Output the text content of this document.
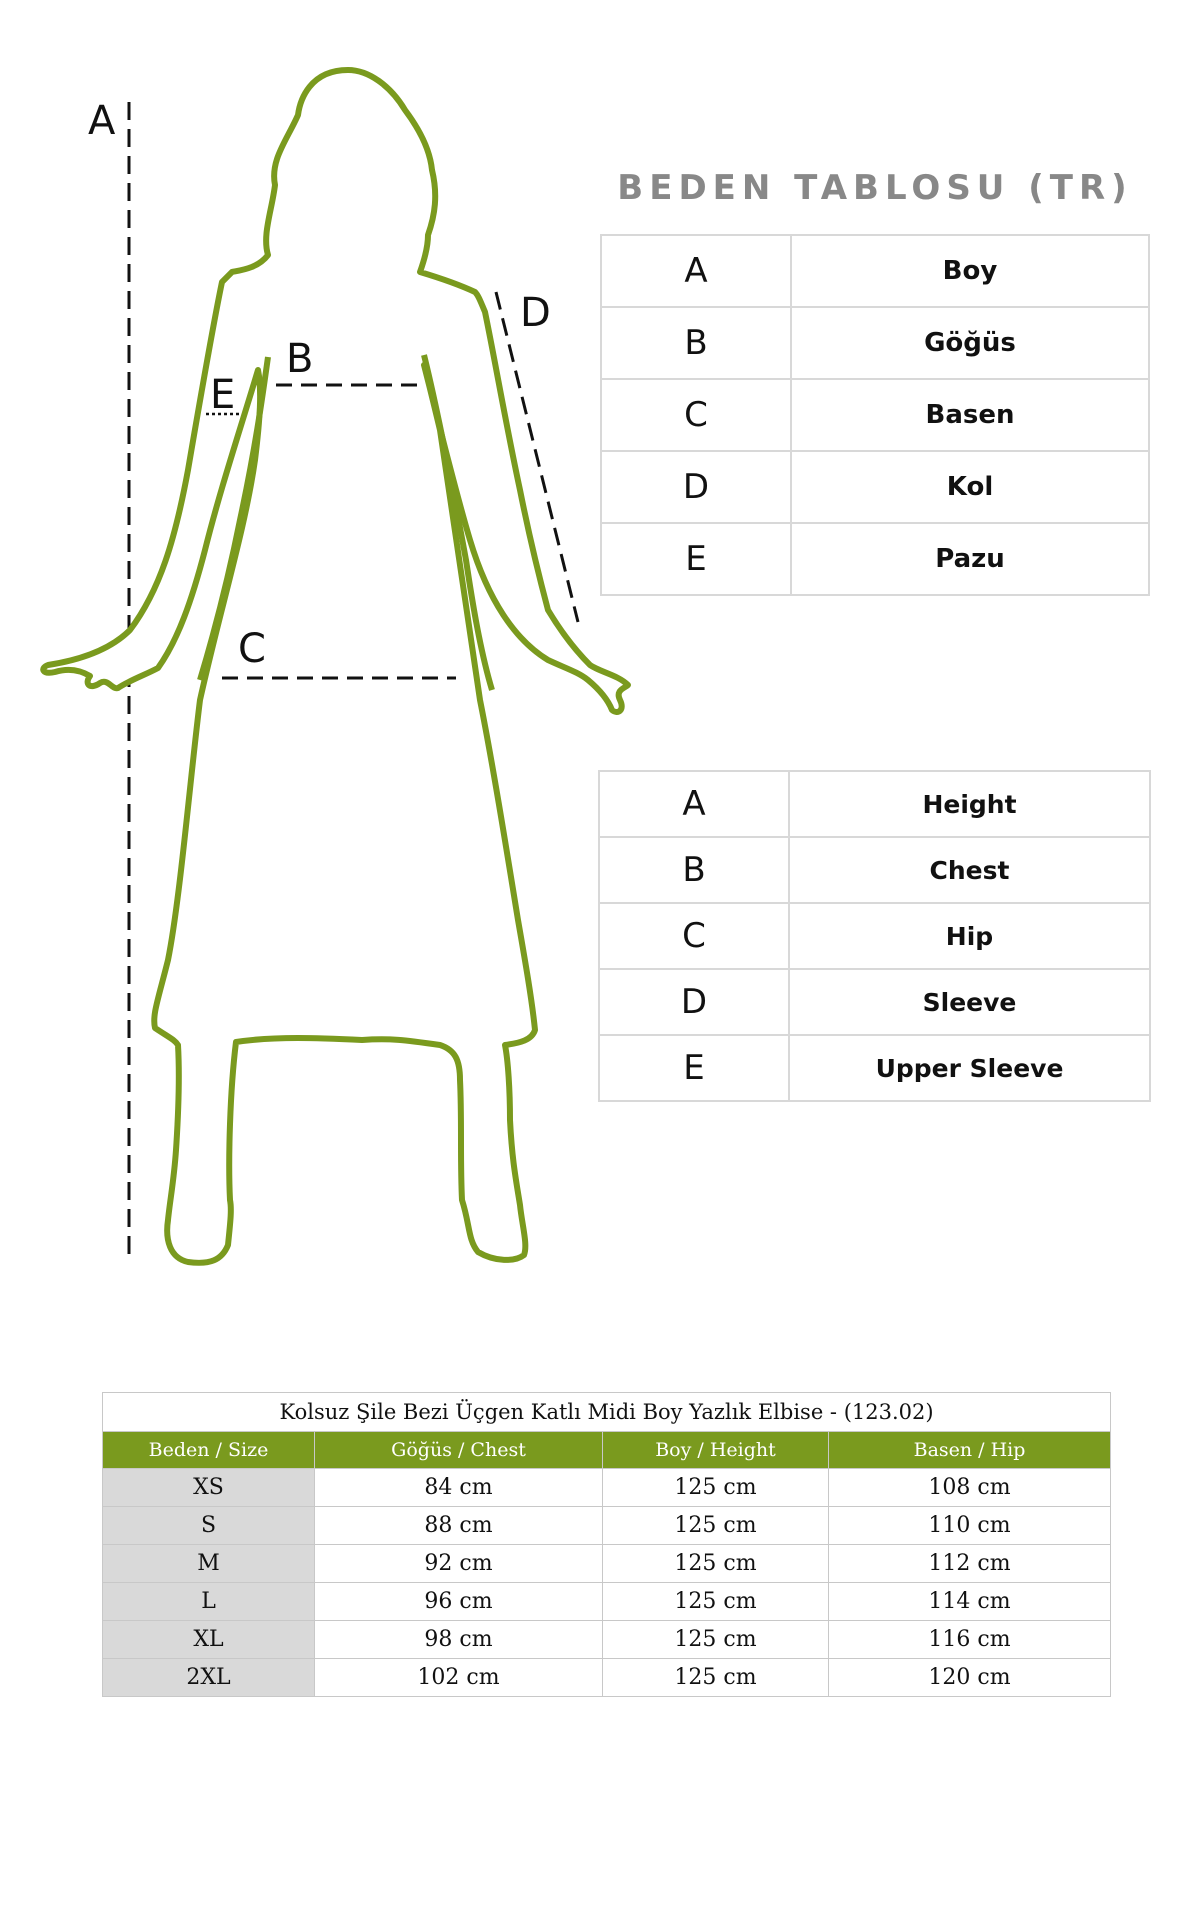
A
B
C
D
E
BEDEN TABLOSU (TR)
A	Boy
B	Göğüs
C	Basen
D	Kol
E	Pazu
A	Height
B	Chest
C	Hip
D	Sleeve
E	Upper Sleeve
Kolsuz Şile Bezi Üçgen Katlı Midi Boy Yazlık Elbise - (123.02)			
Beden / Size	Göğüs / Chest	Boy / Height	Basen / Hip
XS	84 cm	125 cm	108 cm
S	88 cm	125 cm	110 cm
M	92 cm	125 cm	112 cm
L	96 cm	125 cm	114 cm
XL	98 cm	125 cm	116 cm
2XL	102 cm	125 cm	120 cm
